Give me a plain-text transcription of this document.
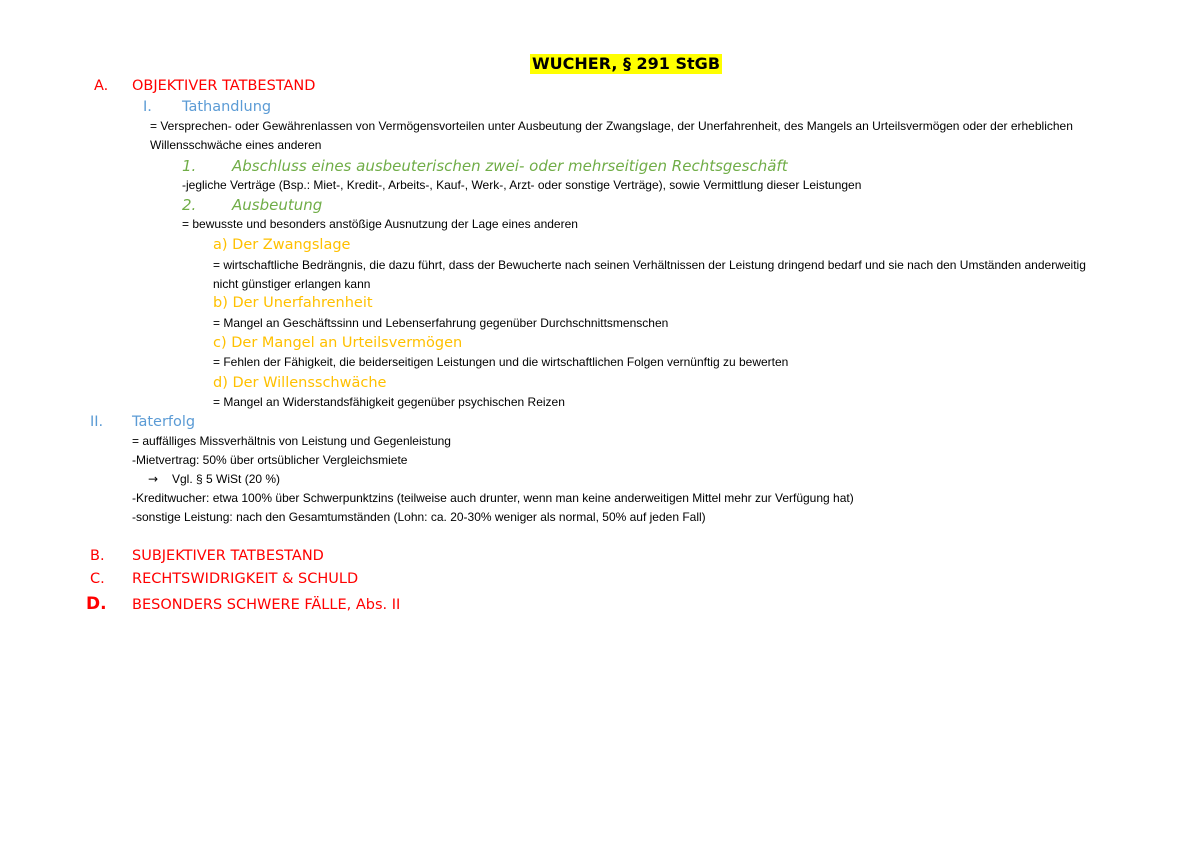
WUCHER, § 291 StGB
A. OBJEKTIVER TATBESTAND
I. Tathandlung
= Versprechen- oder Gewährenlassen von Vermögensvorteilen unter Ausbeutung der Zwangslage, der Unerfahrenheit, des Mangels an Urteilsvermögen oder der erheblichen Willensschwäche eines anderen
1. Abschluss eines ausbeuterischen zwei- oder mehrseitigen Rechtsgeschäft
-jegliche Verträge (Bsp.: Miet-, Kredit-, Arbeits-, Kauf-, Werk-, Arzt- oder sonstige Verträge), sowie Vermittlung dieser Leistungen
2. Ausbeutung
= bewusste und besonders anstößige Ausnutzung der Lage eines anderen
a) Der Zwangslage
= wirtschaftliche Bedrängnis, die dazu führt, dass der Bewucherte nach seinen Verhältnissen der Leistung dringend bedarf und sie nach den Umständen anderweitig nicht günstiger erlangen kann
b) Der Unerfahrenheit
= Mangel an Geschäftssinn und Lebenserfahrung gegenüber Durchschnittsmenschen
c) Der Mangel an Urteilsvermögen
= Fehlen der Fähigkeit, die beiderseitigen Leistungen und die wirtschaftlichen Folgen vernünftig zu bewerten
d) Der Willensschwäche
= Mangel an Widerstandsfähigkeit gegenüber psychischen Reizen
II. Taterfolg
= auffälliges Missverhältnis von Leistung und Gegenleistung
-Mietvertrag: 50% über ortsüblicher Vergleichsmiete
→ Vgl. § 5 WiSt (20 %)
-Kreditwucher: etwa 100% über Schwerpunktzins (teilweise auch drunter, wenn man keine anderweitigen Mittel mehr zur Verfügung hat)
-sonstige Leistung: nach den Gesamtumständen (Lohn: ca. 20-30% weniger als normal, 50% auf jeden Fall)
B. SUBJEKTIVER TATBESTAND
C. RECHTSWIDRIGKEIT & SCHULD
D. BESONDERS SCHWERE FÄLLE, Abs. II
